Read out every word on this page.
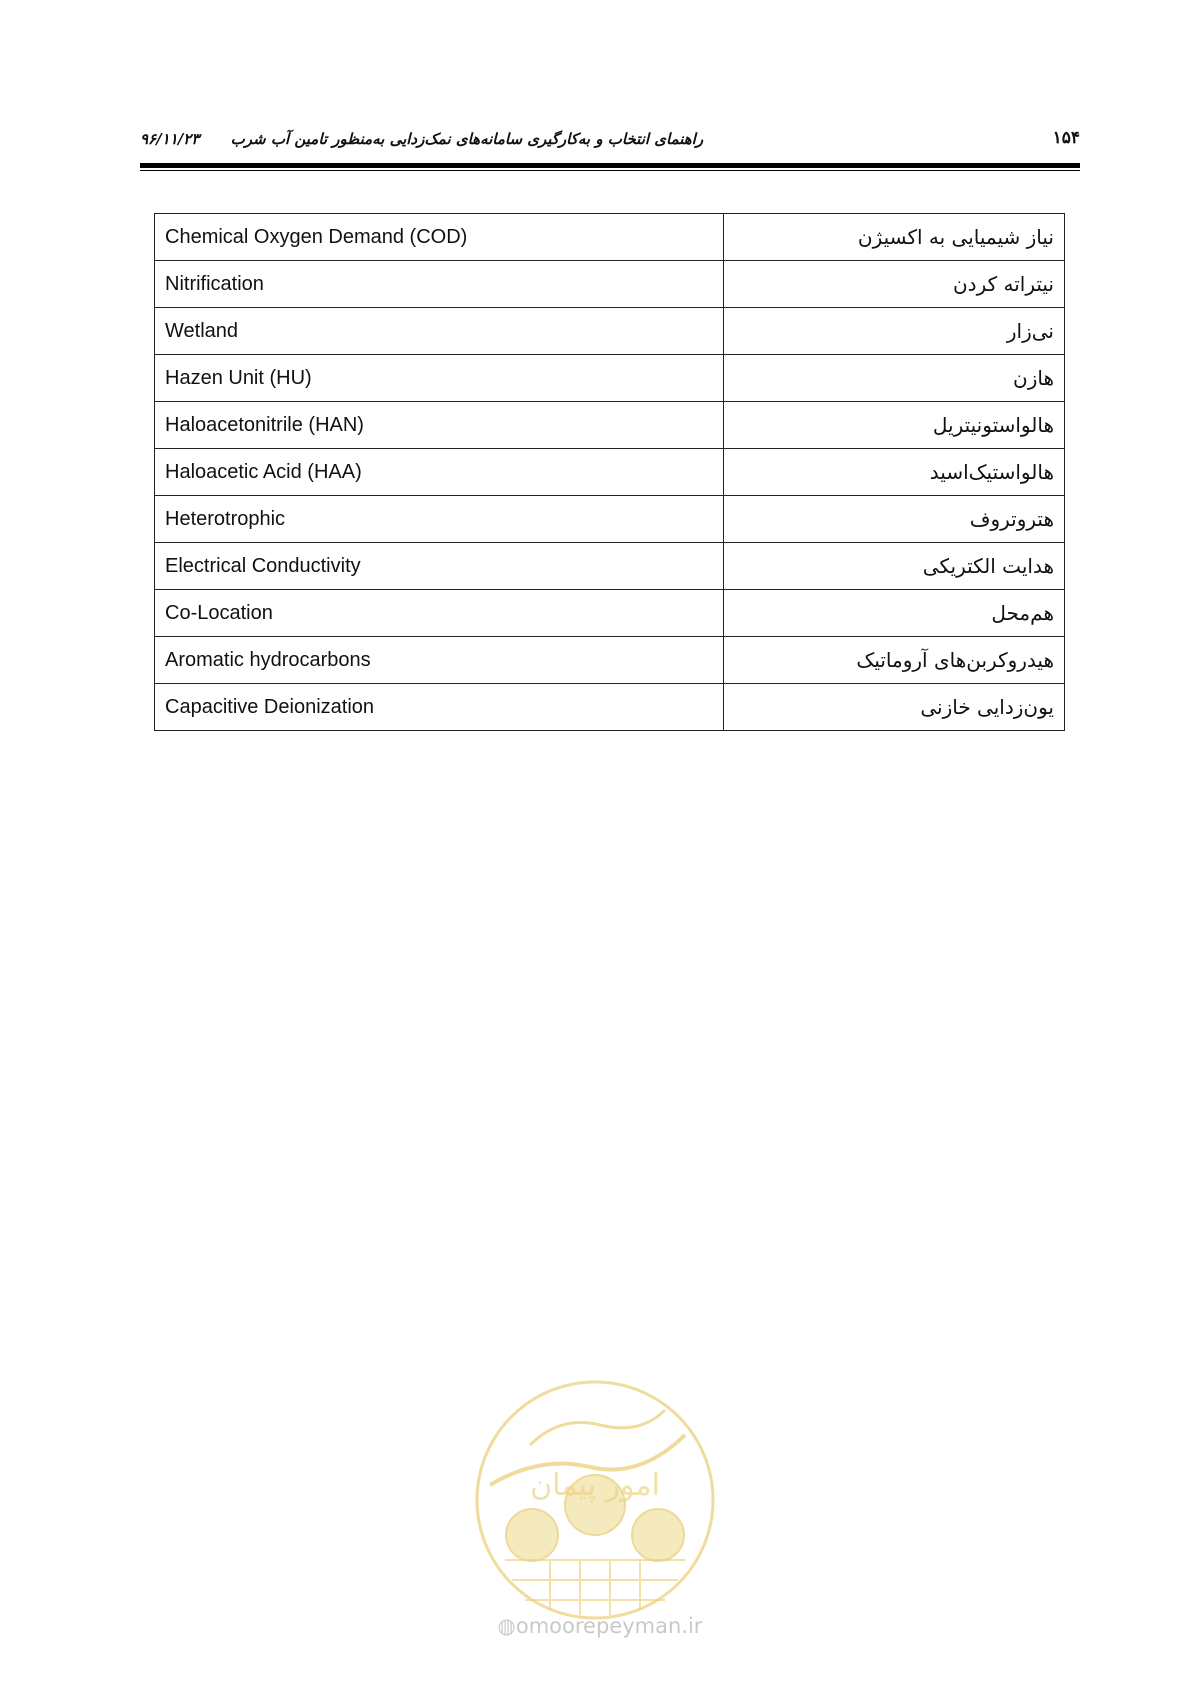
۱۵۴
راهنمای انتخاب و به‌کارگیری سامانه‌های نمک‌زدایی به‌منظور تامین آب شرب      ۹۶/۱۱/۲۳
Chemical Oxygen Demand (COD)	نیاز شیمیایی به اکسیژن
Nitrification	نیتراته کردن
Wetland	نی‌زار
Hazen Unit (HU)	هازن
Haloacetonitrile (HAN)	هالواستونیتریل
Haloacetic Acid (HAA)	هالواستیک‌اسید
Heterotrophic	هتروتروف
Electrical Conductivity	هدایت الکتریکی
Co-Location	هم‌محل
Aromatic hydrocarbons	هیدروکربن‌های آروماتیک
Capacitive Deionization	یون‌زدایی خازنی
امور پیمان
◍omoorepeyman.ir
